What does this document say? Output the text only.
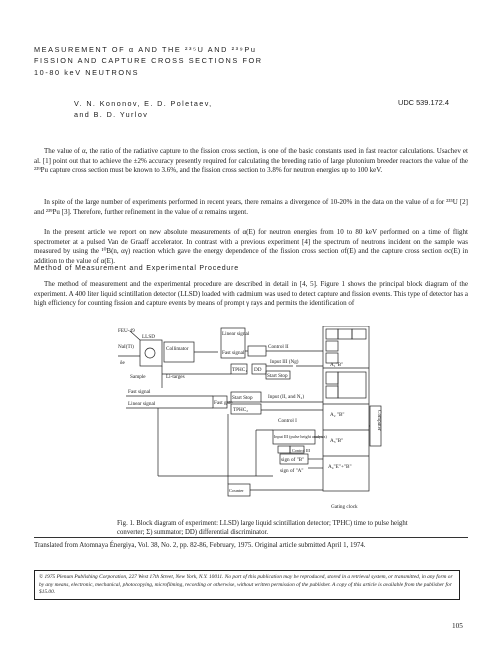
MEASUREMENT OF α AND THE ²³⁵U AND ²³⁹Pu
FISSION AND CAPTURE CROSS SECTIONS FOR
10-80 keV NEUTRONS
V. N. Kononov, E. D. Poletaev,
and B. D. Yurlov
UDC 539.172.4

The value of α, the ratio of the radiative capture to the fission cross section, is one of the basic constants used in fast reactor calculations. Usachev et al. [1] point out that to achieve the ±2% accuracy presently required for calculating the breeding ratio of large plutonium breeder reactors the value of the ²³⁹Pu capture cross section must be known to 3.6%, and the fission cross section to 3.8% for neutron energies up to 100 keV.

In spite of the large number of experiments performed in recent years, there remains a divergence of 10-20% in the data on the value of α for ²³⁵U [2] and ²³⁹Pu [3]. Therefore, further refinement in the value of α remains urgent.

In the present article we report on new absolute measurements of α(E) for neutron energies from 10 to 80 keV performed on a time of flight spectrometer at a pulsed Van de Graaff accelerator. In contrast with a previous experiment [4] the spectrum of neutrons incident on the sample was measured by using the ¹⁰B(n, αγ) reaction which gave the energy dependence of the fission cross section σf(E) and the capture cross section σc(E) in addition to the value of α(E).

Method of Measurement and Experimental Procedure

The method of measurement and the experimental procedure are described in detail in [4, 5]. Figure 1 shows the principal block diagram of the experiment. A 400 liter liquid scintillation detector (LLSD) loaded with cadmium was used to detect capture and fission events. This type of detector has a high efficiency for counting fission and capture events by means of prompt γ rays and permits the identification of

FEU-49
NaI(Tl)
δe
LLSD
Collimator
Sample	Li-targes
Linear signal
Fast signal
TPHC₁ DD
Start Stop
Control II
Input III (Ng)
Fast signal
Linear signal	Fast gate
Start Stop
TPHC₂
Input (II, and N₂)
Control I
Input III (pulse height analysis)
Control III
sign of "B"
sign of "A"
Gating clock
A₁"B"
A₂ "B"
A₃"B"
A₄"E"+"B"
Counter
Computer
Fig. 1. Block diagram of experiment: LLSD) large liquid scintillation detector; TPHC) time to pulse height converter; Σ) summator; DD) differential discriminator.
Translated from Atomnaya Énergiya, Vol. 38, No. 2, pp. 82-86, February, 1975. Original article submitted April 1, 1974.
© 1975 Plenum Publishing Corporation, 227 West 17th Street, New York, N.Y. 10011. No part of this publication may be reproduced, stored in a retrieval system, or transmitted, in any form or by any means, electronic, mechanical, photocopying, microfilming, recording or otherwise, without written permission of the publisher. A copy of this article is available from the publisher for $15.00.
105
